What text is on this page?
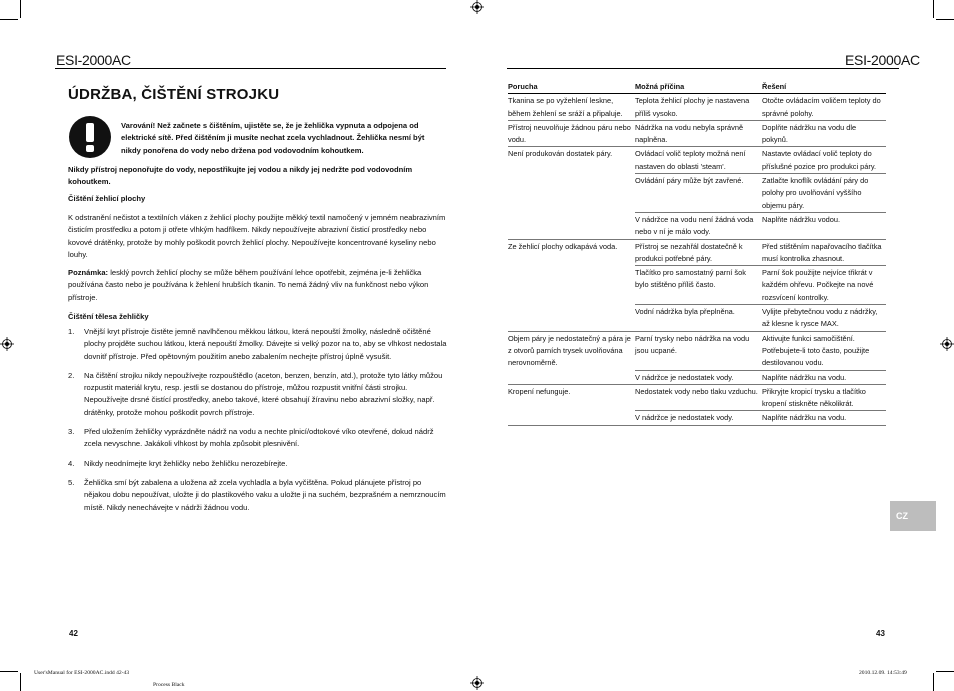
ESI-2000AC	ESI-2000AC
ÚDRŽBA, ČIŠTĚNÍ STROJKU
Varování! Než začnete s čištěním, ujistěte se, že je žehlička vypnuta a odpojena od elektrické sítě. Před čištěním ji musíte nechat zcela vychladnout. Žehlička nesmí být nikdy ponořena do vody nebo držena pod vodovodním kohoutkem.
Nikdy přístroj neponořujte do vody, nepostřikujte jej vodou a nikdy jej nedržte pod vodovodním kohoutkem.
Čištění žehlicí plochy
K odstranění nečistot a textilních vláken z žehlicí plochy použijte měkký textil namočený v jemném neabrazivním čisticím prostředku a potom ji otřete vlhkým hadříkem. Nikdy nepoužívejte abrazivní čisticí prostředky nebo kovové drátěnky, protože by mohly poškodit povrch žehlicí plochy. Nepoužívejte koncentrované kyseliny nebo louhy.
Poznámka: lesklý povrch žehlicí plochy se může během používání lehce opotřebit, zejména je-li žehlička používána často nebo je používána k žehlení hrubších tkanin. To nemá žádný vliv na funkčnost nebo výkon přístroje.
Čištění tělesa žehličky
1. Vnější kryt přístroje čistěte jemně navlhčenou měkkou látkou, která nepouští žmolky, následně očištěné plochy projděte suchou látkou, která nepouští žmolky. Dávejte si velký pozor na to, aby se vlhkost nedostala dovnitř přístroje. Před opětovným použitím anebo zabalením nechejte přístroj úplně vysušit.
2. Na čištění strojku nikdy nepoužívejte rozpouštědlo (aceton, benzen, benzín, atd.), protože tyto látky můžou rozpustit materiál krytu, resp. jestli se dostanou do přístroje, můžou rozpustit vnitřní části strojku. Nepoužívejte drsné čistící prostředky, anebo takové, které obsahují žíravinu nebo abrazivní složky, např. drátěnky, protože mohou poškodit povrch přístroje.
3. Před uložením žehličky vyprázdněte nádrž na vodu a nechte plnicí/odtokové víko otevřené, dokud nádrž zcela nevyschne. Jakákoli vlhkost by mohla způsobit plesnivění.
4. Nikdy neodnímejte kryt žehličky nebo žehličku nerozebírejte.
5. Žehlička smí být zabalena a uložena až zcela vychladla a byla vyčištěna. Pokud plánujete přístroj po nějakou dobu nepoužívat, uložte ji do plastikového vaku a uložte ji na suchém, bezprašném a nemrznoucím místě. Nikdy nenechávejte v nádrži žádnou vodu.
42
Porucha	Možná příčina	Řešení
Tkanina se po vyžehlení leskne, během žehlení se sráží a připaluje.	Teplota žehlicí plochy je nastavena příliš vysoko.	Otočte ovládacím voličem teploty do správné polohy.
Přístroj neuvolňuje žádnou páru nebo vodu.	Nádržka na vodu nebyla správně naplněna.	Doplňte nádržku na vodu dle pokynů.
Není produkován dostatek páry.	Ovládací volič teploty možná není nastaven do oblasti 'steam'.	Nastavte ovládací volič teploty do příslušné pozice pro produkci páry.
	Ovládání páry může být zavřené.	Zatlačte knoflík ovládání páry do polohy pro uvolňování vyššího objemu páry.
	V nádržce na vodu není žádná voda nebo v ní je málo vody.	Naplňte nádržku vodou.
Ze žehlicí plochy odkapává voda.	Přístroj se nezahřál dostatečně k produkci potřebné páry.	Před stištěním napařovacího tlačítka musí kontrolka zhasnout.
	Tlačítko pro samostatný parní šok bylo stištěno příliš často.	Parní šok použijte nejvíce třikrát v každém ohřevu. Počkejte na nové rozsvícení kontrolky.
	Vodní nádržka byla přeplněna.	Vylijte přebytečnou vodu z nádržky, až klesne k rysce MAX.
Objem páry je nedostatečný a pára je z otvorů parních trysek uvolňována nerovnoměrně.	Parní trysky nebo nádržka na vodu jsou ucpané.	Aktivujte funkci samočištění. Potřebujete-li toto často, použijte destilovanou vodu.
	V nádržce je nedostatek vody.	Naplňte nádržku na vodu.
Kropení nefunguje.	Nedostatek vody nebo tlaku vzduchu.	Přikryjte kropicí trysku a tlačítko kropení stiskněte několikrát.
	V nádržce je nedostatek vody.	Naplňte nádržku na vodu.
CZ
43
User'sManual for ESI-2000AC.indd 42-43
Process Black
2010.12.09. 14:53:49
